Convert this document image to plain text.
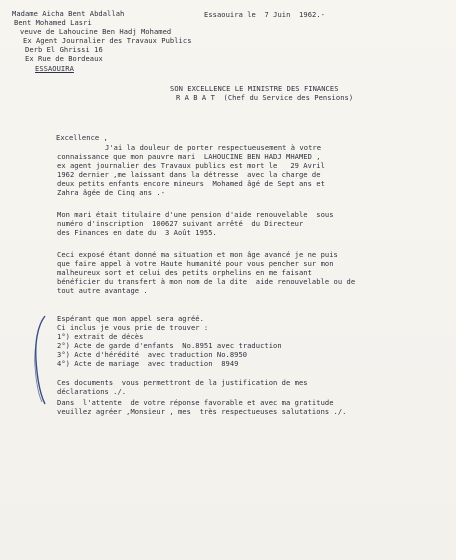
Madame Aicha Bent Abdallah
Bent Mohamed Lasri
veuve de Lahoucine Ben Hadj Mohamed
Ex Agent Journalier des Travaux Publics
Derb El Ghrissi 16
Ex Rue de Bordeaux
ESSAOUIRA
Essaouira le  7 Juin  1962.-
SON EXCELLENCE LE MINISTRE DES FINANCES
R A B A T  (Chef du Service des Pensions)
Excellence ,
J'ai la douleur de porter respectueusement à votre
connaissance que mon pauvre mari  LAHOUCINE BEN HADJ MHAMED ,
ex agent journalier des Travaux publics est mort le   29 Avril
1962 dernier ,me laissant dans la détresse  avec la charge de
deux petits enfants encore mineurs  Mohamed âgé de Sept ans et
Zahra âgée de Cinq ans .-
Mon mari était titulaire d'une pension d'aide renouvelable  sous
numéro d'inscription  100627 suivant arrêté  du Directeur
des Finances en date du  3 Août 1955.
Ceci exposé étant donné ma situation et mon âge avancé je ne puis
que faire appel à votre Haute humanité pour vous pencher sur mon
malheureux sort et celui des petits orphelins en me faisant
bénéficier du transfert à mon nom de la dite  aide renouvelable ou de
tout autre avantage .
Espérant que mon appel sera agréé.
Ci inclus je vous prie de trouver :
1°) extrait de décès
2°) Acte de garde d'enfants  No.8951 avec traduction
3°) Acte d'hérédité  avec traduction No.8950
4°) Acte de mariage  avec traduction  8949
Ces documents  vous permettront de la justification de mes
déclarations ./.
Dans  l'attente  de votre réponse favorable et avec ma gratitude
veuillez agréer ,Monsieur , mes  très respectueuses salutations ./.
